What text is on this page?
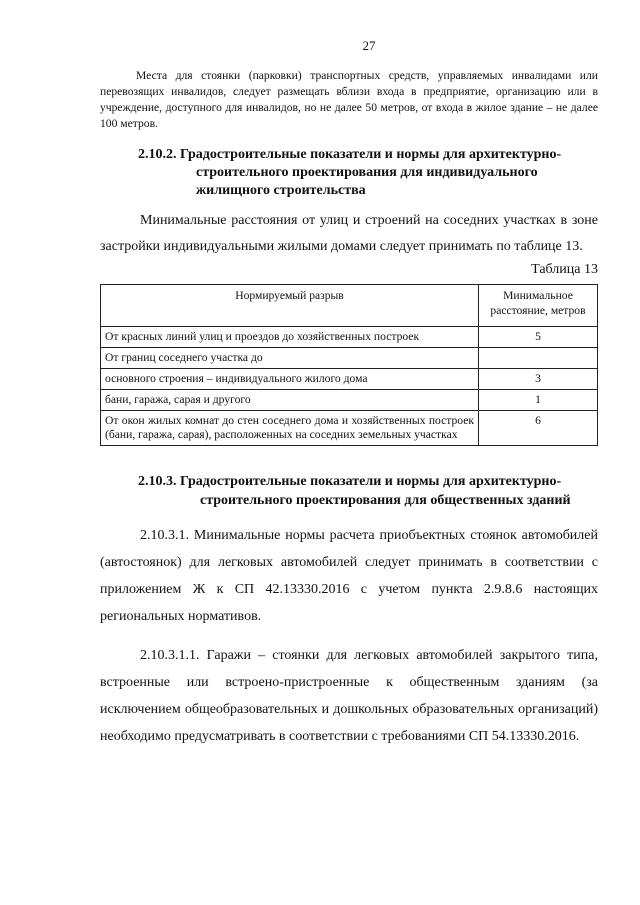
27

Места для стоянки (парковки) транспортных средств, управляемых инвалидами или перевозящих инвалидов, следует размещать вблизи входа в предприятие, организацию или в учреждение, доступного для инвалидов, но не далее 50 метров, от входа в жилое здание – не далее 100 метров.

2.10.2. Градостроительные показатели и нормы для архитектурно-
строительного проектирования для индивидуального
жилищного строительства

Минимальные расстояния от улиц и строений на соседних участках в зоне застройки индивидуальными жилыми домами следует принимать по таблице 13.

Таблица 13
Нормируемый разрыв	Минимальное расстояние, метров
От красных линий улиц и проездов до хозяйственных построек	5
От границ соседнего участка до	
основного строения – индивидуального жилого дома	3
бани, гаража, сарая и другого	1
От окон жилых комнат до стен соседнего дома и хозяйственных построек (бани, гаража, сарая), расположенных на соседних земельных участках	6
2.10.3. Градостроительные показатели и нормы для архитектурно-
строительного проектирования для общественных зданий

2.10.3.1. Минимальные нормы расчета приобъектных стоянок автомобилей (автостоянок) для легковых автомобилей следует принимать в соответствии с приложением Ж к СП 42.13330.2016 с учетом пункта 2.9.8.6 настоящих региональных нормативов.

2.10.3.1.1. Гаражи – стоянки для легковых автомобилей закрытого типа, встроенные или встроено-пристроенные к общественным зданиям (за исключением общеобразовательных и дошкольных образовательных организаций) необходимо предусматривать в соответствии с требованиями СП 54.13330.2016.
